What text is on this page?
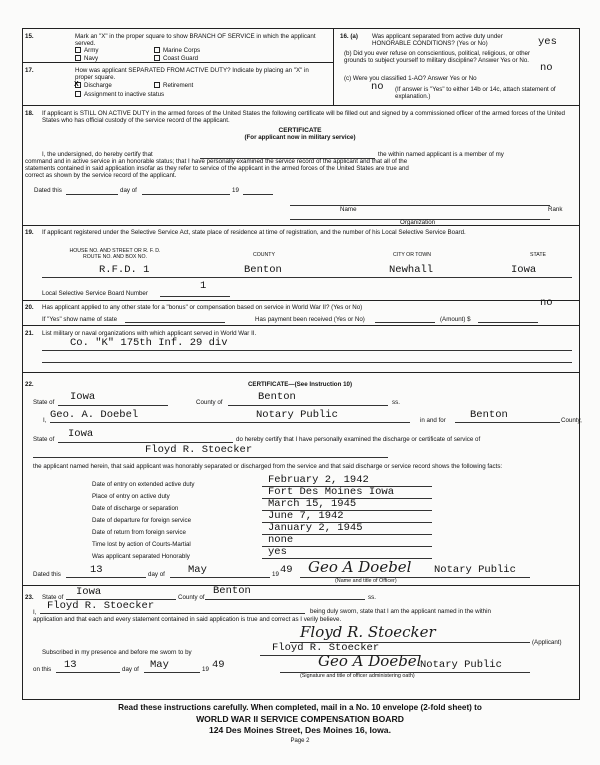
15.	Mark an "X" in the proper square to show BRANCH OF SERVICE in which the applicant served.
Army	Marine Corps
Navy	Coast Guard
17.	How was applicant SEPARATED FROM ACTIVE DUTY? Indicate by placing an "X" in proper square.
X Discharge	Retirement
Assignment to inactive status
16. (a) Was applicant separated from active duty under HONORABLE CONDITIONS? (Yes or No)	yes
(b) Did you ever refuse on conscientious, political, religious, or other grounds to subject yourself to military discipline? Answer Yes or No.
no
(c) Were you classified 1-AO? Answer Yes or No
no (If answer is "Yes" to either 14b or 14c, attach statement of explanation.)
18. If applicant is STILL ON ACTIVE DUTY in the armed forces of the United States the following certificate will be filled out and signed by a commissioned officer of the armed forces of the United States who has official custody of the service record of the applicant.
CERTIFICATE
(For applicant now in military service)
I, the undersigned, do hereby certify that	the within named applicant is a member of my
command and in active service in an honorable status; that I have personally examined the service record of the applicant and that all of the
statements contained in said application insofar as they refer to service of the applicant in the armed forces of the United States are true and
correct as shown by the service record of the applicant.
Dated this	day of	19
Name	Rank
Organization
19. If applicant registered under the Selective Service Act, state place of residence at time of registration, and the number of his Local Selective Service Board.
HOUSE NO. AND STREET OR R. F. D. ROUTE NO. AND BOX NO.	COUNTY	CITY OR TOWN	STATE
R.F.D. 1	Benton	Newhall	Iowa
Local Selective Service Board Number
1
20. Has applicant applied to any other state for a "bonus" or compensation based on service in World War II? (Yes or No)	no
If "Yes" show name of state	Has payment been received (Yes or No)	(Amount) $
21. List military or naval organizations with which applicant served in World War II.
Co. "K" 175th Inf. 29 div
22.	CERTIFICATE—(See Instruction 10)
State of Iowa	County of	Benton	ss.
I, Geo. A. Doebel	Notary Public	in and for Benton	County,
State of Iowa	do hereby certify that I have personally examined the discharge or certificate of service of
Floyd R. Stoecker
the applicant named herein, that said applicant was honorably separated or discharged from the service and that said discharge or service record shows the following facts:
Date of entry on extended active duty	February 2, 1942
Place of entry on active duty	Fort Des Moines Iowa
Date of discharge or separation	March 15, 1945
Date of departure for foreign service	June 7, 1942
Date of return from foreign service	January 2, 1945
Time lost by action of Courts-Martial	none
Was applicant separated Honorably	yes
Dated this	13	day of May	19 49 Geo A Doebel Notary Public
(Name and title of Officer)
23. State of Iowa	County of
Benton
ss.
I,
Floyd R. Stoecker	being duly sworn, state that I am the applicant named in the within
application and that each and every statement contained in said application is true and correct as I verily believe.
Floyd R. Stoecker
(Applicant)
Subscribed in my presence and before me sworn to by	Floyd R. Stoecker
on this 13	day of May	19 49	Geo A Doebel
Notary Public
(Signature and title of officer administering oath)
Read these instructions carefully. When completed, mail in a No. 10 envelope (2-fold sheet) to
WORLD WAR II SERVICE COMPENSATION BOARD
124 Des Moines Street, Des Moines 16, Iowa.
Page 2
